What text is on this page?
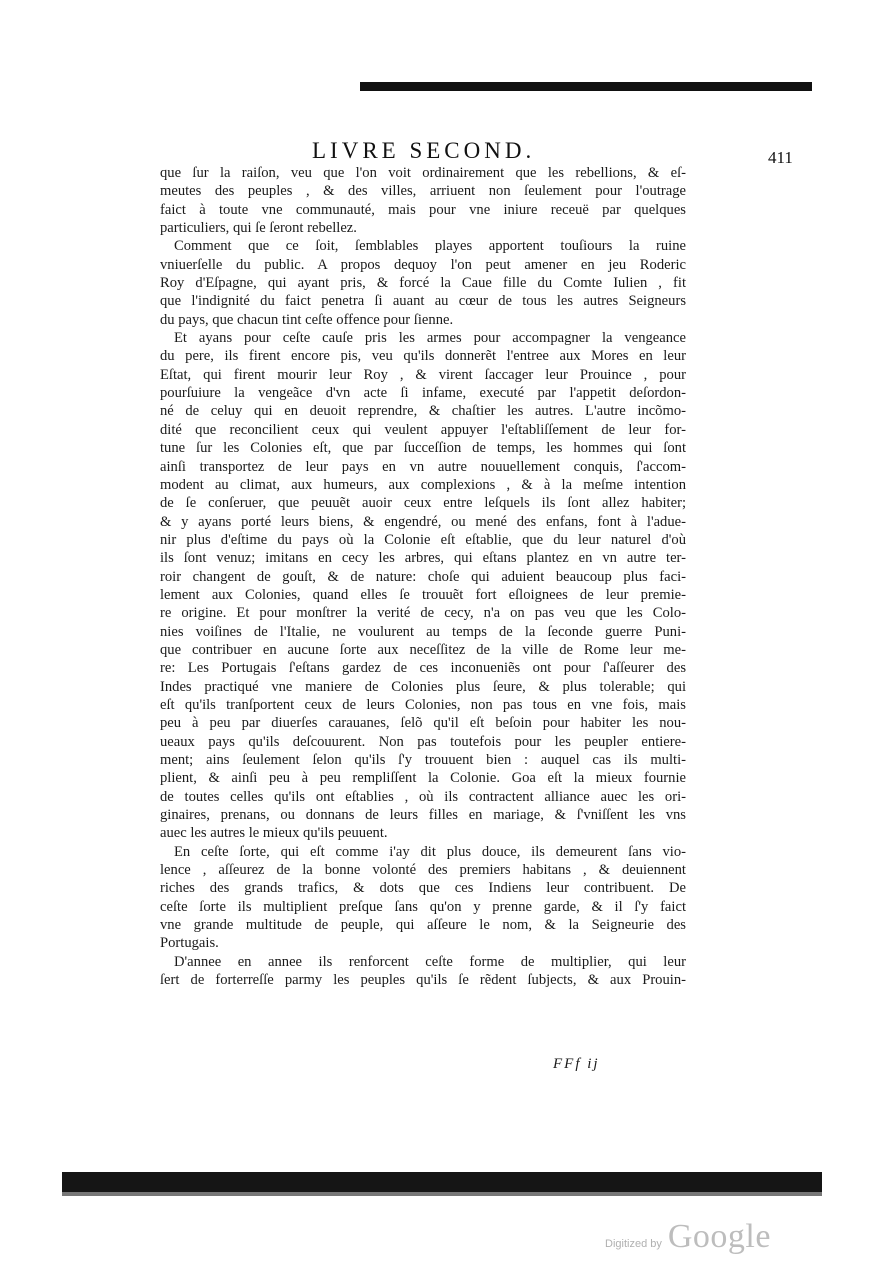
LIVRE SECOND.	411
que ſur la raiſon, veu que l'on voit ordinairement que les rebellions, & eſ-
meutes des peuples , & des villes, arriuent non ſeulement pour l'outrage
faict à toute vne communauté, mais pour vne iniure receuë par quelques
particuliers, qui ſe ſeront rebellez.
Comment que ce ſoit, ſemblables playes apportent touſiours la ruine
vniuerſelle du public. A propos dequoy l'on peut amener en jeu Roderic
Roy d'Eſpagne, qui ayant pris, & forcé la Caue fille du Comte Iulien , fit
que l'indignité du faict penetra ſi auant au cœur de tous les autres Seigneurs
du pays, que chacun tint ceſte offence pour ſienne.
Et ayans pour ceſte cauſe pris les armes pour accompagner la vengeance
du pere, ils firent encore pis, veu qu'ils donnerẽt l'entree aux Mores en leur
Eſtat, qui firent mourir leur Roy , & virent ſaccager leur Prouince , pour
pourſuiure la vengeãce d'vn acte ſi infame, executé par l'appetit deſordon-
né de celuy qui en deuoit reprendre, & chaſtier les autres. L'autre incõmo-
dité que reconcilient ceux qui veulent appuyer l'eſtabliſſement de leur for-
tune ſur les Colonies eſt, que par ſucceſſion de temps, les hommes qui ſont
ainſi transportez de leur pays en vn autre nouuellement conquis, ſ'accom-
modent au climat, aux humeurs, aux complexions , & à la meſme intention
de ſe conſeruer, que peuuẽt auoir ceux entre leſquels ils ſont allez habiter;
& y ayans porté leurs biens, & engendré, ou mené des enfans, font à l'adue-
nir plus d'eſtime du pays où la Colonie eſt eſtablie, que du leur naturel d'où
ils ſont venuz; imitans en cecy les arbres, qui eſtans plantez en vn autre ter-
roir changent de gouſt, & de nature: choſe qui aduient beaucoup plus faci-
lement aux Colonies, quand elles ſe trouuẽt fort eſloignees de leur premie-
re origine. Et pour monſtrer la verité de cecy, n'a on pas veu que les Colo-
nies voiſines de l'Italie, ne voulurent au temps de la ſeconde guerre Puni-
que contribuer en aucune ſorte aux neceſſitez de la ville de Rome leur me-
re: Les Portugais ſ'eſtans gardez de ces inconueniẽs ont pour ſ'aſſeurer des
Indes practiqué vne maniere de Colonies plus ſeure, & plus tolerable; qui
eſt qu'ils tranſportent ceux de leurs Colonies, non pas tous en vne fois, mais
peu à peu par diuerſes carauanes, ſelõ qu'il eſt beſoin pour habiter les nou-
ueaux pays qu'ils deſcouurent. Non pas toutefois pour les peupler entiere-
ment; ains ſeulement ſelon qu'ils ſ'y trouuent bien : auquel cas ils multi-
plient, & ainſi peu à peu rempliſſent la Colonie. Goa eſt la mieux fournie
de toutes celles qu'ils ont eſtablies , où ils contractent alliance auec les ori-
ginaires, prenans, ou donnans de leurs filles en mariage, & ſ'vniſſent les vns
auec les autres le mieux qu'ils peuuent.
En ceſte ſorte, qui eſt comme i'ay dit plus douce, ils demeurent ſans vio-
lence , aſſeurez de la bonne volonté des premiers habitans , & deuiennent
riches des grands trafics, & dots que ces Indiens leur contribuent. De
ceſte ſorte ils multiplient preſque ſans qu'on y prenne garde, & il ſ'y faict
vne grande multitude de peuple, qui aſſeure le nom, & la Seigneurie des
Portugais.
D'annee en annee ils renforcent ceſte forme de multiplier, qui leur
ſert de forterreſſe parmy les peuples qu'ils ſe rẽdent ſubjects, & aux Prouin-
FFf ij
Digitized by Google
